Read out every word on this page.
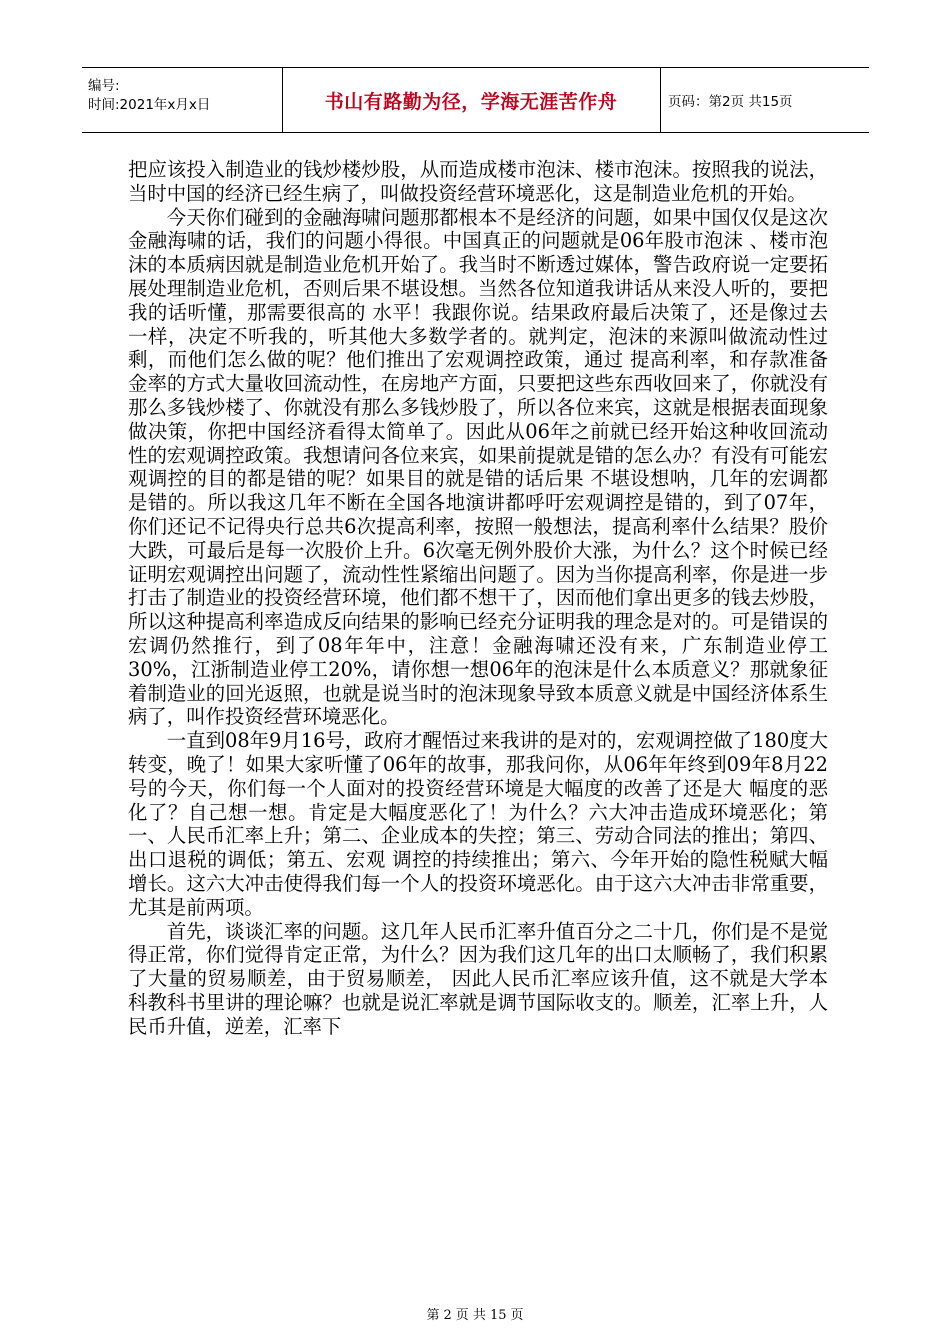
编号:
时间:2021年x月x日	书山有路勤为径，学海无涯苦作舟	页码：第2页 共15页

把应该投入制造业的钱炒楼炒股，从而造成楼市泡沫、楼市泡沫。按照我的说法，当时中国的经济已经生病了，叫做投资经营环境恶化，这是制造业危机的开始。

今天你们碰到的金融海啸问题那都根本不是经济的问题，如果中国仅仅是这次金融海啸的话，我们的问题小得很。中国真正的问题就是06年股市泡沫 、楼市泡沫的本质病因就是制造业危机开始了。我当时不断透过媒体，警告政府说一定要拓展处理制造业危机，否则后果不堪设想。当然各位知道我讲话从来没人听的，要把我的话听懂，那需要很高的 水平！我跟你说。结果政府最后决策了，还是像过去一样，决定不听我的，听其他大多数学者的。就判定，泡沫的来源叫做流动性过剩，而他们怎么做的呢？他们推出了宏观调控政策，通过 提高利率，和存款准备金率的方式大量收回流动性，在房地产方面，只要把这些东西收回来了，你就没有那么多钱炒楼了、你就没有那么多钱炒股了，所以各位来宾，这就是根据表面现象做决策，你把中国经济看得太简单了。因此从06年之前就已经开始这种收回流动性的宏观调控政策。我想请问各位来宾，如果前提就是错的怎么办？有没有可能宏观调控的目的都是错的呢？如果目的就是错的话后果 不堪设想呐，几年的宏调都是错的。所以我这几年不断在全国各地演讲都呼吁宏观调控是错的，到了07年，你们还记不记得央行总共6次提高利率，按照一般想法，提高利率什么结果？股价大跌，可最后是每一次股价上升。6次毫无例外股价大涨，为什么？这个时候已经证明宏观调控出问题了，流动性性紧缩出问题了。因为当你提高利率，你是进一步打击了制造业的投资经营环境，他们都不想干了，因而他们拿出更多的钱去炒股，所以这种提高利率造成反向结果的影响已经充分证明我的理念是对的。可是错误的宏调仍然推行，到了08年年中，注意！金融海啸还没有来，广东制造业停工30%，江浙制造业停工20%，请你想一想06年的泡沫是什么本质意义？那就象征着制造业的回光返照，也就是说当时的泡沫现象导致本质意义就是中国经济体系生病了，叫作投资经营环境恶化。

一直到08年9月16号，政府才醒悟过来我讲的是对的，宏观调控做了180度大转变，晚了！如果大家听懂了06年的故事，那我问你，从06年年终到09年8月22号的今天，你们每一个人面对的投资经营环境是大幅度的改善了还是大 幅度的恶化了？自己想一想。肯定是大幅度恶化了！为什么？六大冲击造成环境恶化；第一、人民币汇率上升；第二、企业成本的失控；第三、劳动合同法的推出；第四、出口退税的调低；第五、宏观 调控的持续推出；第六、今年开始的隐性税赋大幅增长。这六大冲击使得我们每一个人的投资环境恶化。由于这六大冲击非常重要，尤其是前两项。

首先，谈谈汇率的问题。这几年人民币汇率升值百分之二十几，你们是不是觉得正常，你们觉得肯定正常，为什么？因为我们这几年的出口太顺畅了，我们积累了大量的贸易顺差，由于贸易顺差， 因此人民币汇率应该升值，这不就是大学本科教科书里讲的理论嘛？也就是说汇率就是调节国际收支的。顺差，汇率上升，人民币升值，逆差，汇率下

第 2 页 共 15 页
